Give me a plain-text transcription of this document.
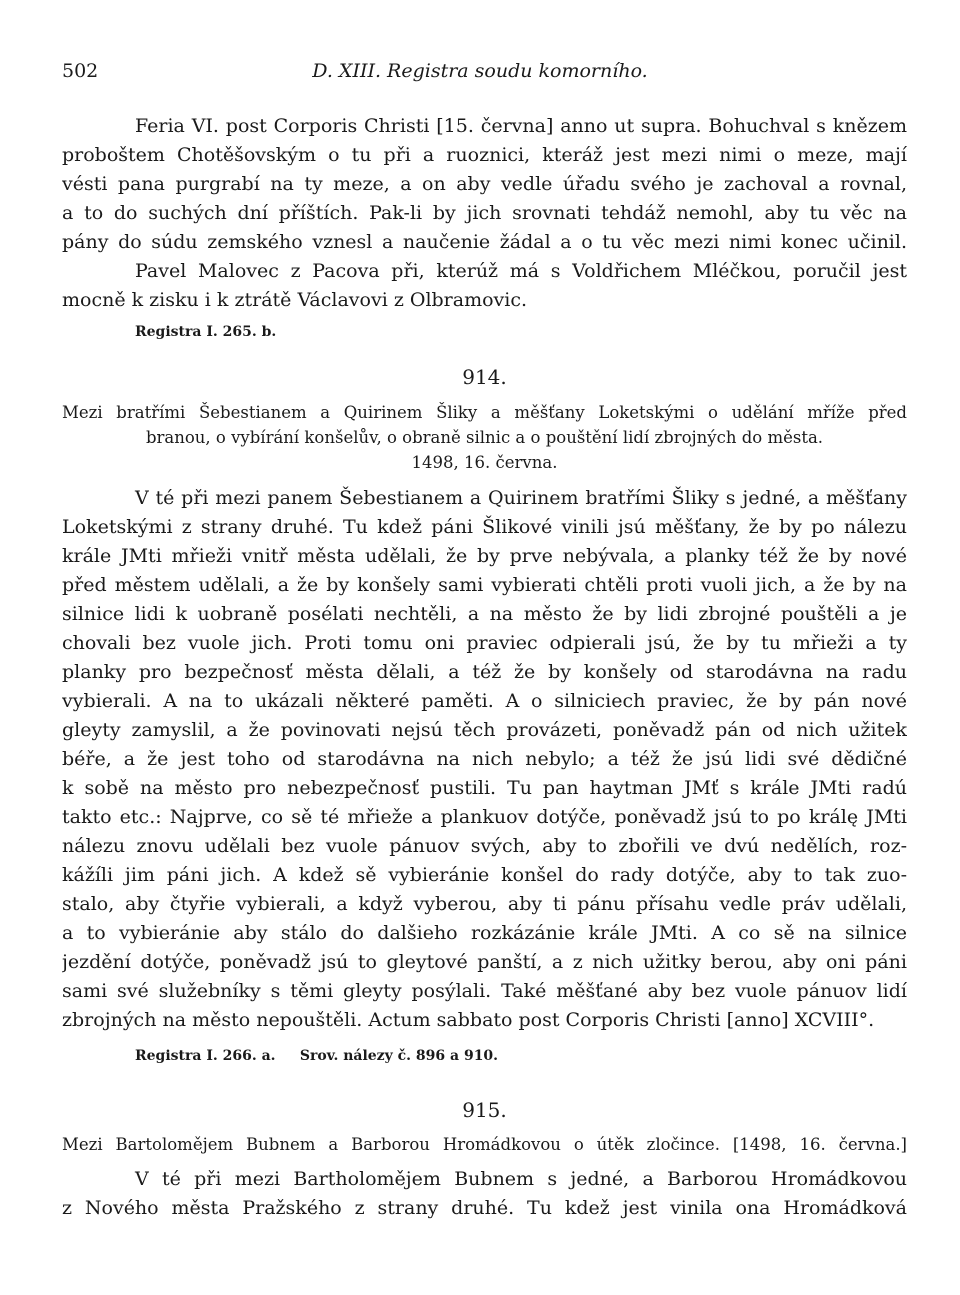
502	D. XIII. Registra soudu komorního.
Feria VI. post Corporis Christi [15. června] anno ut supra. Bohuchval s knězem
proboštem Chotěšovským o tu při a ruoznici, kteráž jest mezi nimi o meze, mají
vésti pana purgrabí na ty meze, a on aby vedle úřadu svého je zachoval a rovnal,
a to do suchých dní příštích. Pak-li by jich srovnati tehdáž nemohl, aby tu věc na
pány do súdu zemského vznesl a naučenie žádal a o tu věc mezi nimi konec učinil.
Pavel Malovec z Pacova při, kterúž má s Voldřichem Mléčkou, poručil jest
mocně k zisku i k ztrátě Václavovi z Olbramovic.
Registra I. 265. b.
914.
Mezi bratřími Šebestianem a Quirinem Šliky a měšťany Loketskými o udělání mříže před
branou, o vybírání konšelův, o obraně silnic a o pouštění lidí zbrojných do města.
1498, 16. června.
V té při mezi panem Šebestianem a Quirinem bratřími Šliky s jedné, a měšťany
Loketskými z strany druhé. Tu kdež páni Šlikové vinili jsú měšťany, že by po nálezu
krále JMti mřieži vnitř města udělali, že by prve nebývala, a planky též že by nové
před městem udělali, a že by konšely sami vybierati chtěli proti vuoli jich, a že by na
silnice lidi k uobraně posélati nechtěli, a na město že by lidi zbrojné pouštěli a je
chovali bez vuole jich. Proti tomu oni praviec odpierali jsú, že by tu mřieži a ty
planky pro bezpečnosť města dělali, a též že by konšely od starodávna na radu
vybierali. A na to ukázali některé paměti. A o silniciech praviec, že by pán nové
gleyty zamyslil, a že povinovati nejsú těch provázeti, poněvadž pán od nich užitek
béře, a že jest toho od starodávna na nich nebylo; a též že jsú lidi své dědičné
k sobě na město pro nebezpečnosť pustili. Tu pan haytman JMť s krále JMti radú
takto etc.: Najprve, co sě té mřieže a plankuov dotýče, poněvadž jsú to po králę JMti
nálezu znovu udělali bez vuole pánuov svých, aby to zbořili ve dvú nedělích, roz-
kážíli jim páni jich. A kdež sě vybieránie konšel do rady dotýče, aby to tak zuo-
stalo, aby čtyřie vybierali, a když vyberou, aby ti pánu přísahu vedle práv udělali,
a to vybieránie aby stálo do dalšieho rozkázánie krále JMti. A co sě na silnice
jezdění dotýče, poněvadž jsú to gleytové panští, a z nich užitky berou, aby oni páni
sami své služebníky s těmi gleyty posýlali. Také měšťané aby bez vuole pánuov lidí
zbrojných na město nepouštěli. Actum sabbato post Corporis Christi [anno] XCVIII°.
Registra I. 266. a.     Srov. nálezy č. 896 a 910.
915.
Mezi Bartolomějem Bubnem a Barborou Hromádkovou o útěk zločince. [1498, 16. června.]
V té při mezi Bartholomějem Bubnem s jedné, a Barborou Hromádkovou
z Nového města Pražského z strany druhé. Tu kdež jest vinila ona Hromádková
